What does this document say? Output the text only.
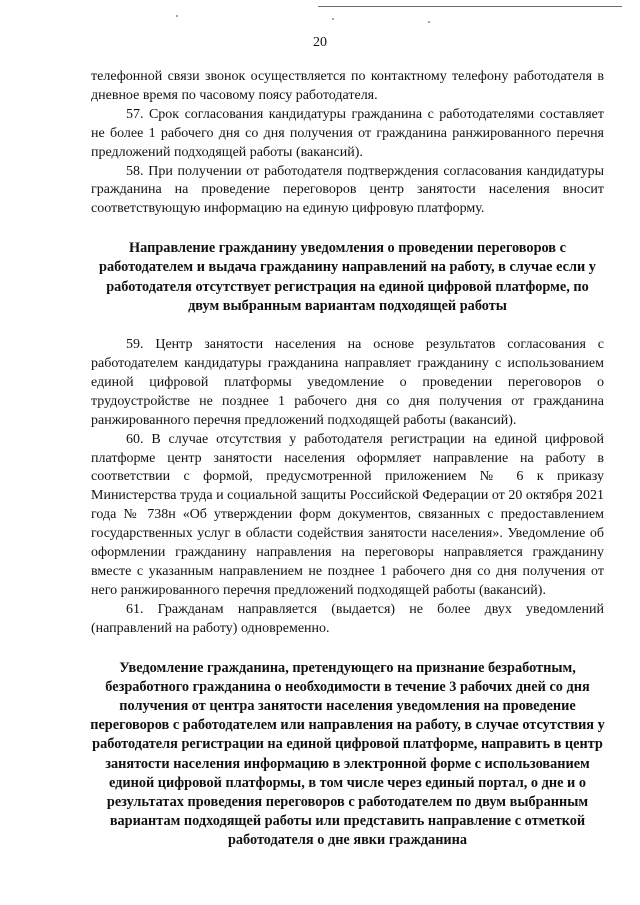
20

телефонной связи звонок осуществляется по контактному телефону работодателя в дневное время по часовому поясу работодателя.

57. Срок согласования кандидатуры гражданина с работодателями составляет не более 1 рабочего дня со дня получения от гражданина ранжированного перечня предложений подходящей работы (вакансий).

58. При получении от работодателя подтверждения согласования кандидатуры гражданина на проведение переговоров центр занятости населения вносит соответствующую информацию на единую цифровую платформу.

Направление гражданину уведомления о проведении переговоров с работодателем и выдача гражданину направлений на работу, в случае если у работодателя отсутствует регистрация на единой цифровой платформе, по двум выбранным вариантам подходящей работы

59. Центр занятости населения на основе результатов согласования с работодателем кандидатуры гражданина направляет гражданину с использованием единой цифровой платформы уведомление о проведении переговоров о трудоустройстве не позднее 1 рабочего дня со дня получения от гражданина ранжированного перечня предложений подходящей работы (вакансий).

60. В случае отсутствия у работодателя регистрации на единой цифровой платформе центр занятости населения оформляет направление на работу в соответствии с формой, предусмотренной приложением № 6 к приказу Министерства труда и социальной защиты Российской Федерации от 20 октября 2021 года № 738н «Об утверждении форм документов, связанных с предоставлением государственных услуг в области содействия занятости населения». Уведомление об оформлении гражданину направления на переговоры направляется гражданину вместе с указанным направлением не позднее 1 рабочего дня со дня получения от него ранжированного перечня предложений подходящей работы (вакансий).

61. Гражданам направляется (выдается) не более двух уведомлений (направлений на работу) одновременно.

Уведомление гражданина, претендующего на признание безработным, безработного гражданина о необходимости в течение 3 рабочих дней со дня получения от центра занятости населения уведомления на проведение переговоров с работодателем или направления на работу, в случае отсутствия у работодателя регистрации на единой цифровой платформе, направить в центр занятости населения информацию в электронной форме с использованием единой цифровой платформы, в том числе через единый портал, о дне и о результатах проведения переговоров с работодателем по двум выбранным вариантам подходящей работы или представить направление с отметкой работодателя о дне явки гражданина
